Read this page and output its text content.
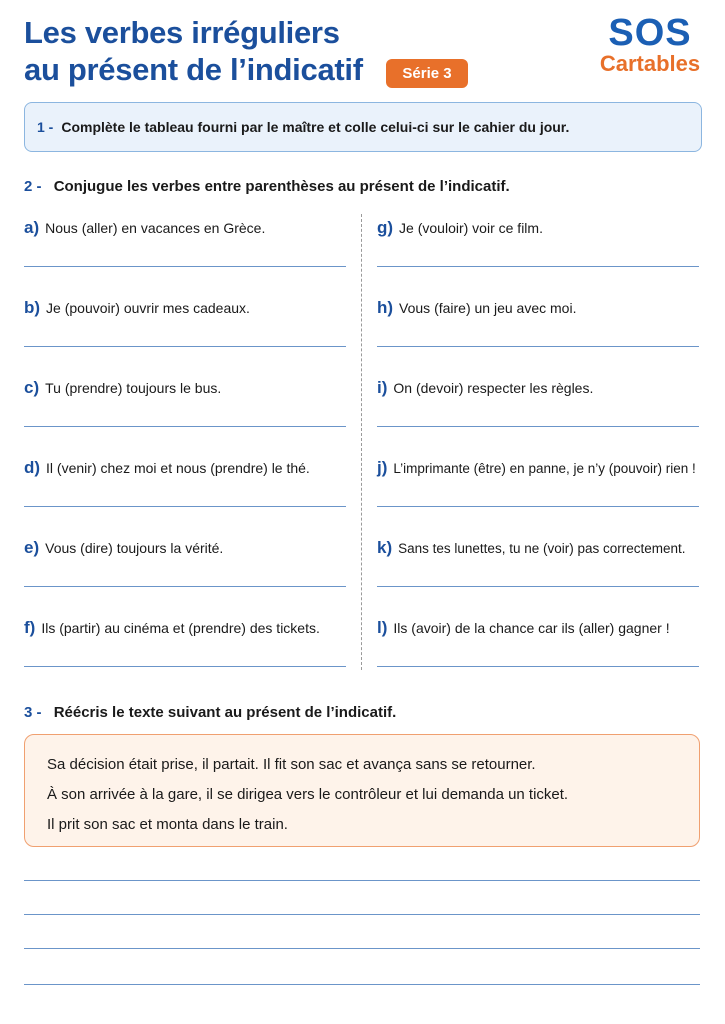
Les verbes irréguliers
au présent de l’indicatif	Série 3
SOS
Cartables
1 - Complète le tableau fourni par le maître et colle celui-ci sur le cahier du jour.
2 - Conjugue les verbes entre parenthèses au présent de l’indicatif.
a) Nous (aller) en vacances en Grèce.
b) Je (pouvoir) ouvrir mes cadeaux.
c) Tu (prendre) toujours le bus.
d) Il (venir) chez moi et nous (prendre) le thé.
e) Vous (dire) toujours la vérité.
f) Ils (partir) au cinéma et (prendre) des tickets.
g) Je (vouloir) voir ce film.
h) Vous (faire) un jeu avec moi.
i) On (devoir) respecter les règles.
j) L’imprimante (être) en panne, je n’y (pouvoir) rien !
k) Sans tes lunettes, tu ne (voir) pas correctement.
l) Ils (avoir) de la chance car ils (aller) gagner !
3 - Réécris le texte suivant au présent de l’indicatif.
Sa décision était prise, il partait. Il fit son sac et avança sans se retourner.
À son arrivée à la gare, il se dirigea vers le contrôleur et lui demanda un ticket.
Il prit son sac et monta dans le train.
